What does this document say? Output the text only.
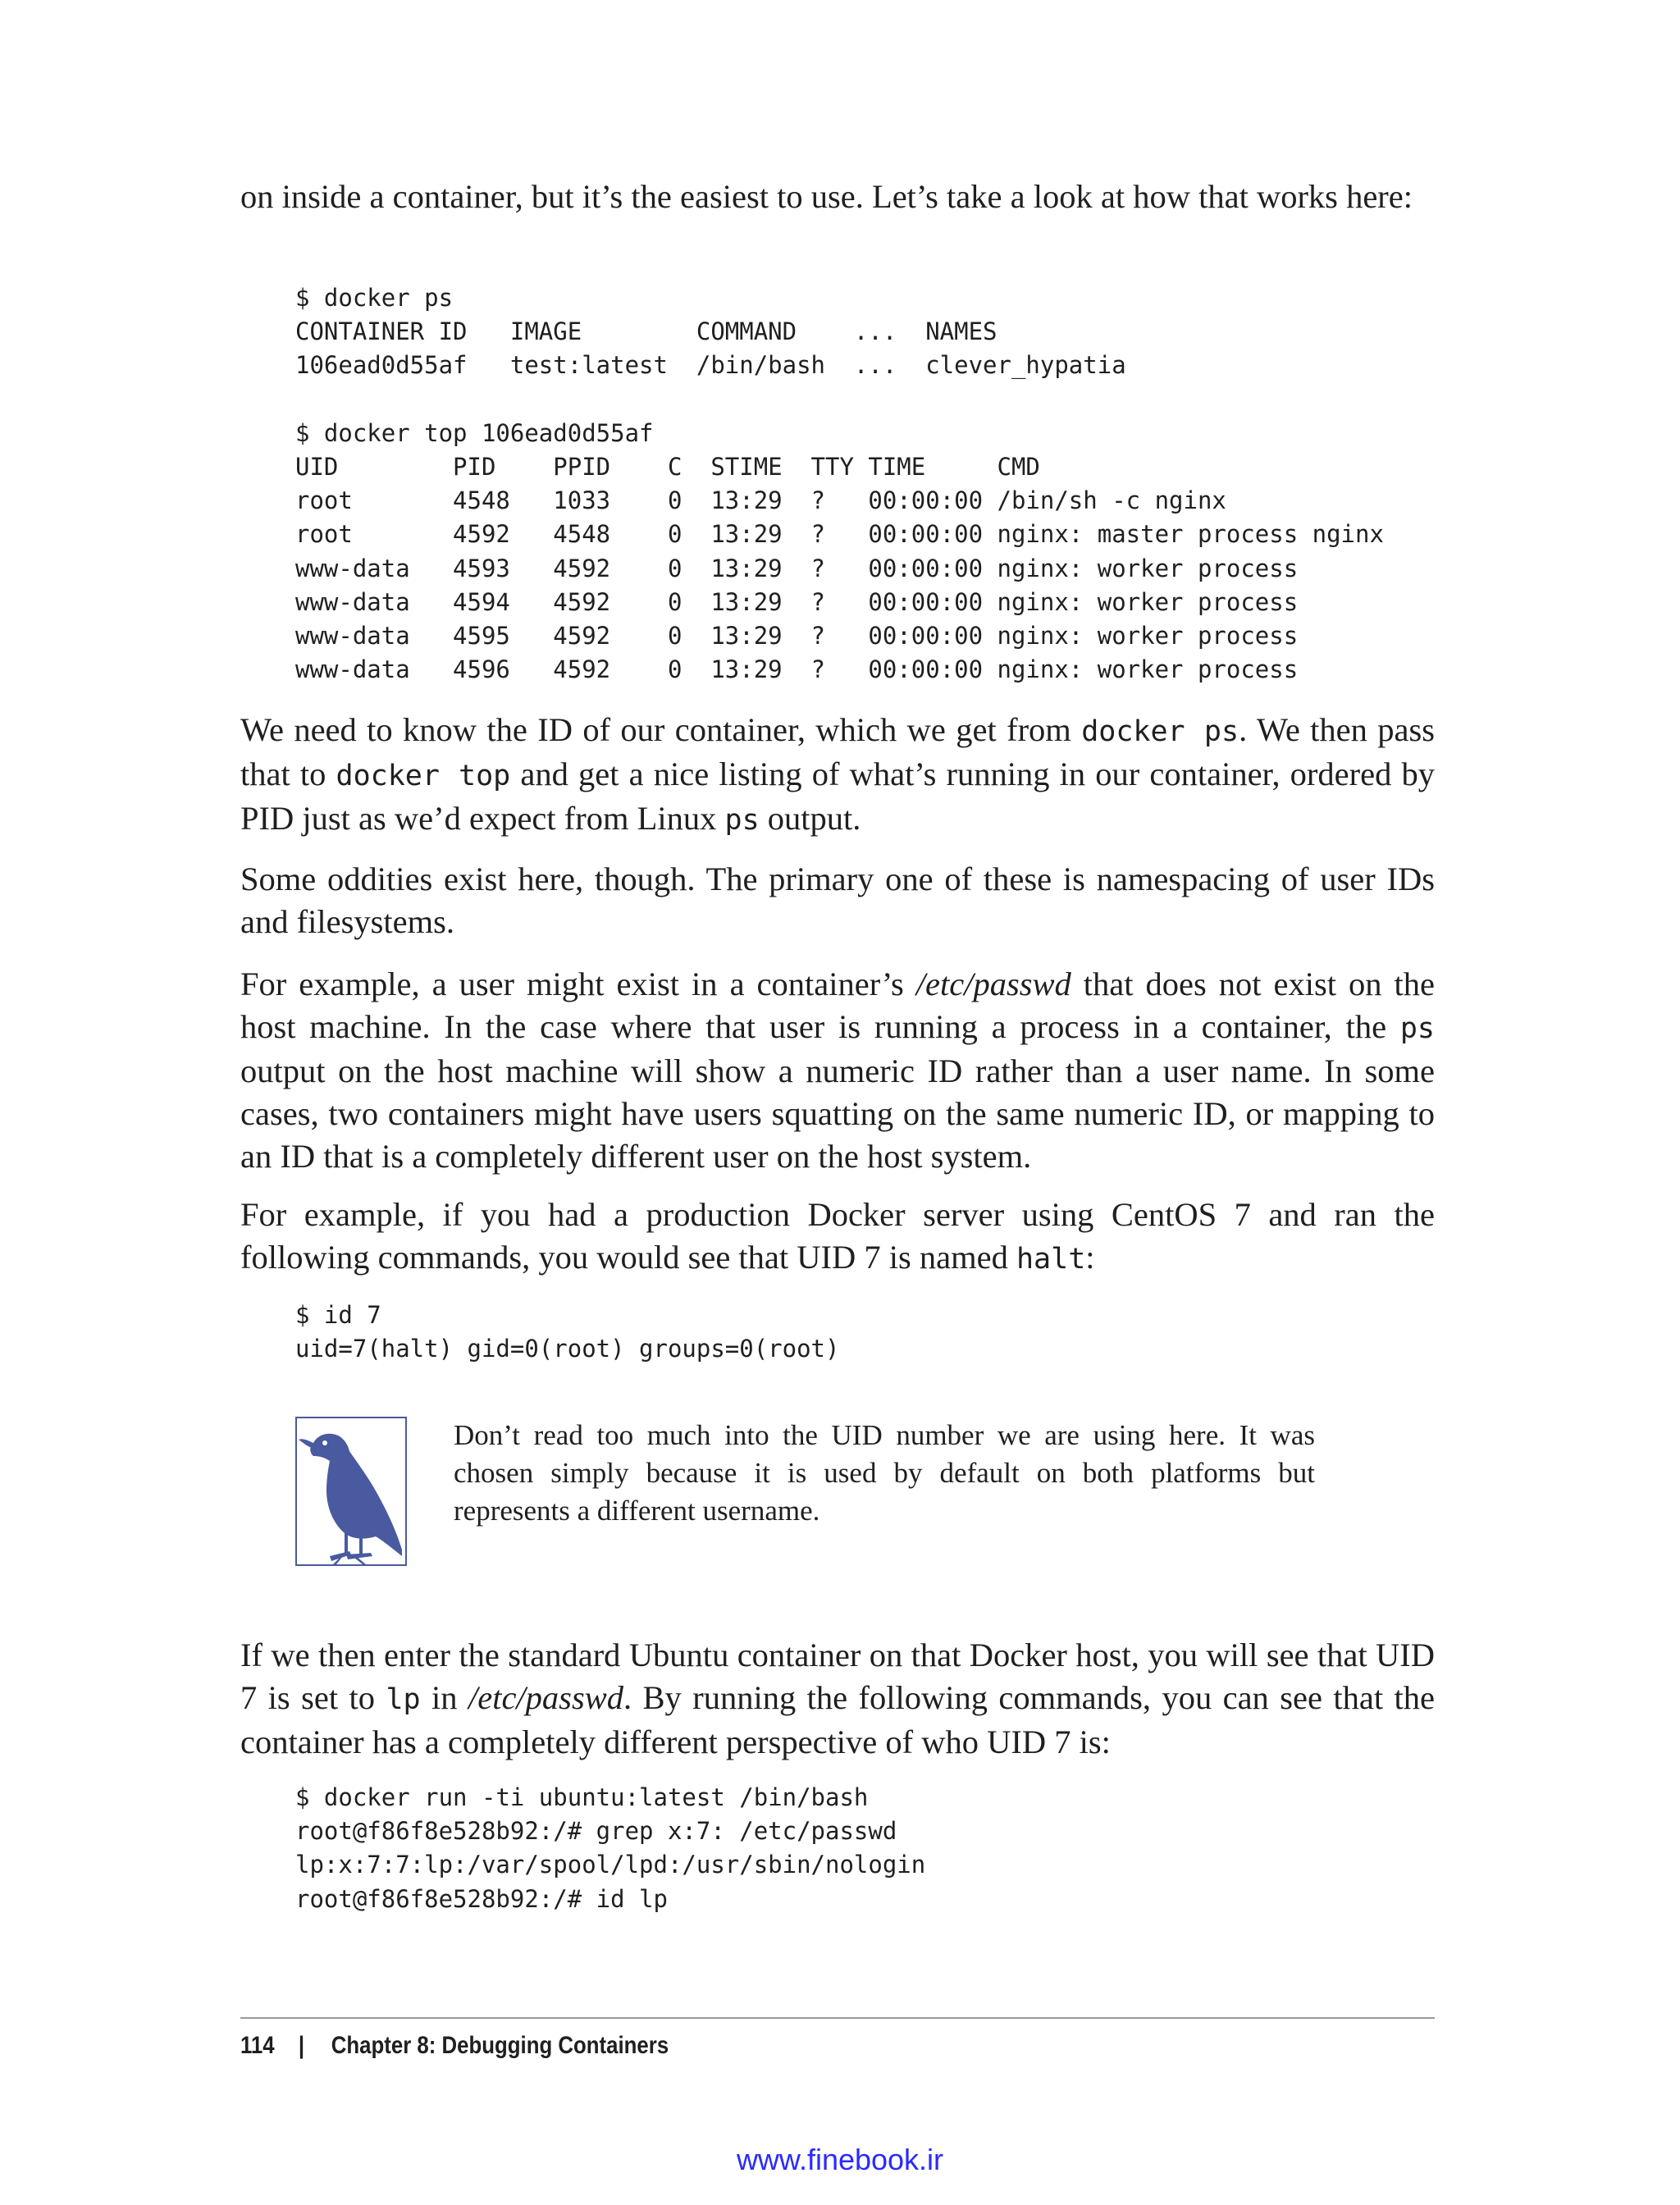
on inside a container, but it’s the easiest to use. Let’s take a look at how that works here:

$ docker ps
CONTAINER ID   IMAGE        COMMAND    ...  NAMES
106ead0d55af   test:latest  /bin/bash  ...  clever_hypatia

$ docker top 106ead0d55af
UID        PID    PPID    C  STIME  TTY TIME     CMD
root       4548   1033    0  13:29  ?   00:00:00 /bin/sh -c nginx
root       4592   4548    0  13:29  ?   00:00:00 nginx: master process nginx
www-data   4593   4592    0  13:29  ?   00:00:00 nginx: worker process
www-data   4594   4592    0  13:29  ?   00:00:00 nginx: worker process
www-data   4595   4592    0  13:29  ?   00:00:00 nginx: worker process
www-data   4596   4592    0  13:29  ?   00:00:00 nginx: worker process

We need to know the ID of our container, which we get from docker ps. We then pass that to docker top and get a nice listing of what’s running in our container, ordered by PID just as we’d expect from Linux ps output.

Some oddities exist here, though. The primary one of these is namespacing of user IDs and filesystems.

For example, a user might exist in a container’s /etc/passwd that does not exist on the host machine. In the case where that user is running a process in a container, the ps output on the host machine will show a numeric ID rather than a user name. In some cases, two containers might have users squatting on the same numeric ID, or mapping to an ID that is a completely different user on the host system.

For example, if you had a production Docker server using CentOS 7 and ran the following commands, you would see that UID 7 is named halt:

$ id 7
uid=7(halt) gid=0(root) groups=0(root)

Don’t read too much into the UID number we are using here. It was chosen simply because it is used by default on both platforms but represents a different username.

If we then enter the standard Ubuntu container on that Docker host, you will see that UID 7 is set to lp in /etc/passwd. By running the following commands, you can see that the container has a completely different perspective of who UID 7 is:

$ docker run -ti ubuntu:latest /bin/bash
root@f86f8e528b92:/# grep x:7: /etc/passwd
lp:x:7:7:lp:/var/spool/lpd:/usr/sbin/nologin
root@f86f8e528b92:/# id lp
114 | Chapter 8: Debugging Containers
www.finebook.ir
